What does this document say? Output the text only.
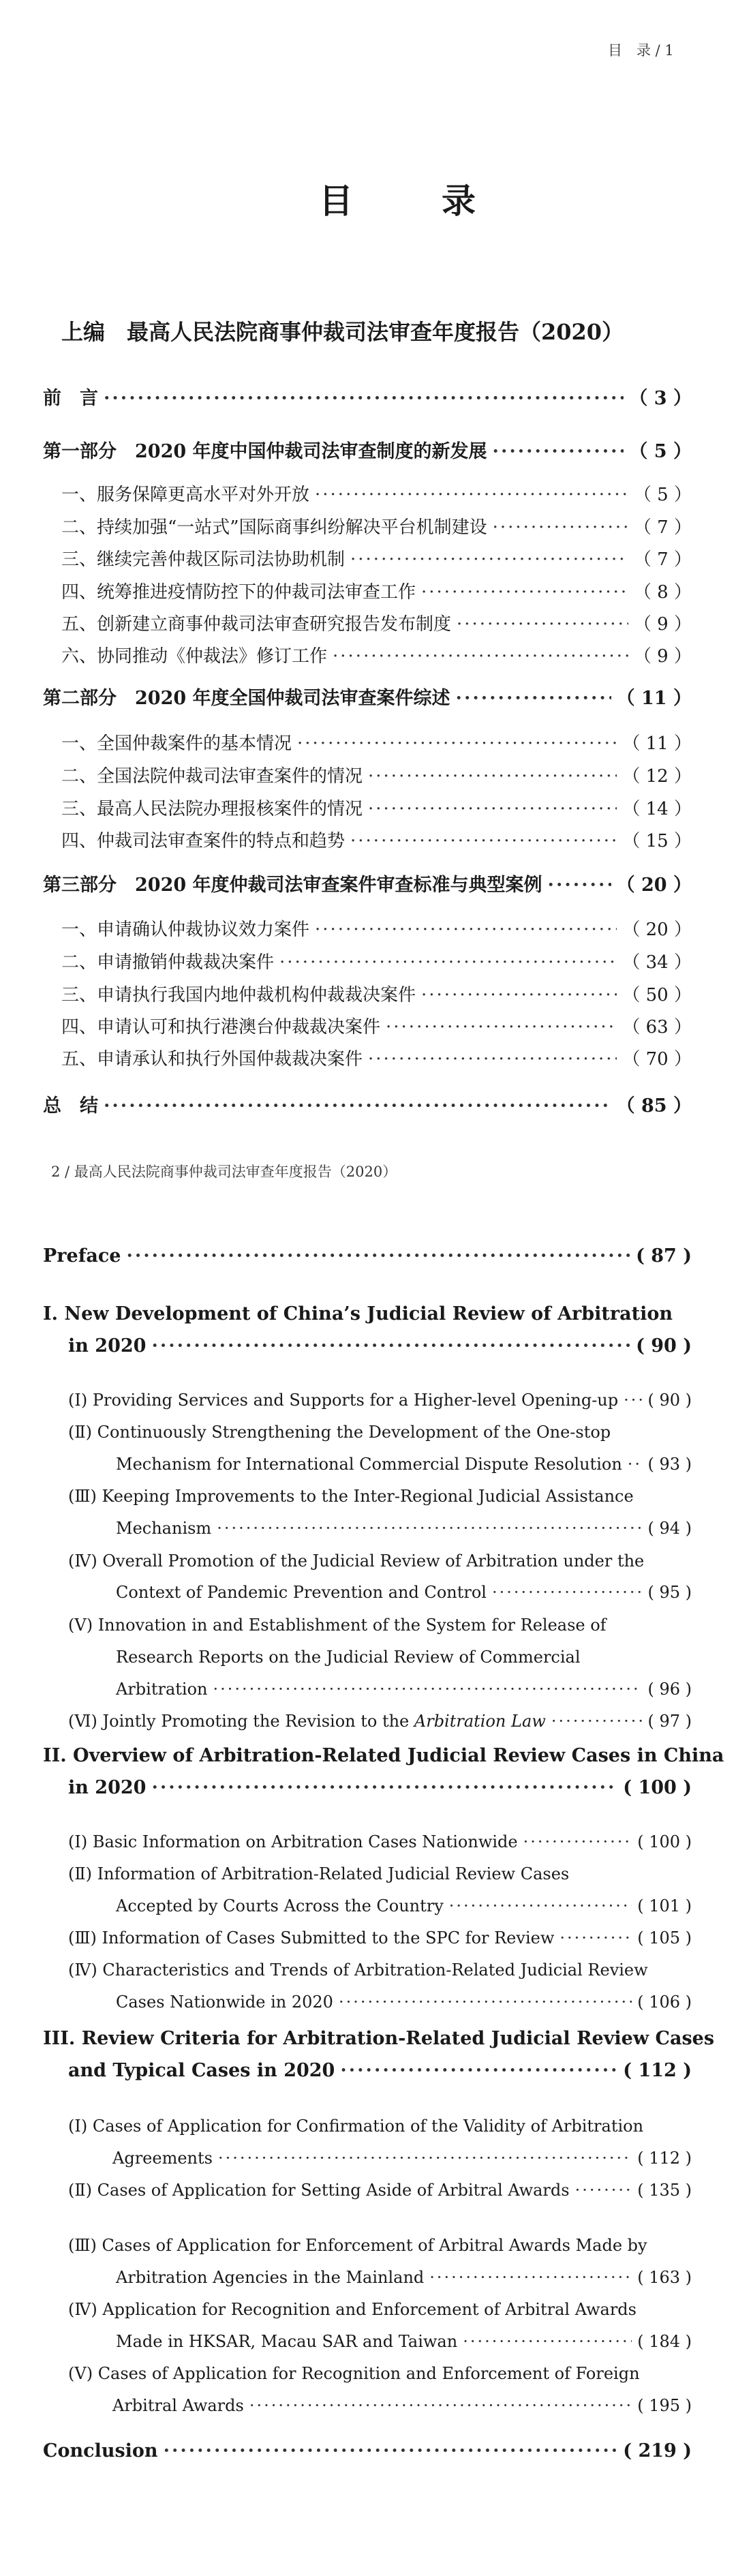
目　录 / 1
目　录
上编　最高人民法院商事仲裁司法审查年度报告（2020）
前　言 ·····	（ 3 ）
第一部分　2020 年度中国仲裁司法审查制度的新发展 ·····	（ 5 ）
一、服务保障更高水平对外开放 ·····	（ 5 ）
二、持续加强“一站式”国际商事纠纷解决平台机制建设 ·····	（ 7 ）
三、继续完善仲裁区际司法协助机制 ·····	（ 7 ）
四、统筹推进疫情防控下的仲裁司法审查工作 ·····	（ 8 ）
五、创新建立商事仲裁司法审查研究报告发布制度 ·····	（ 9 ）
六、协同推动《仲裁法》修订工作 ·····	（ 9 ）
第二部分　2020 年度全国仲裁司法审查案件综述 ·····	（ 11 ）
一、全国仲裁案件的基本情况 ·····	（ 11 ）
二、全国法院仲裁司法审查案件的情况 ·····	（ 12 ）
三、最高人民法院办理报核案件的情况 ·····	（ 14 ）
四、仲裁司法审查案件的特点和趋势 ·····	（ 15 ）
第三部分　2020 年度仲裁司法审查案件审查标准与典型案例 ·····	（ 20 ）
一、申请确认仲裁协议效力案件 ·····	（ 20 ）
二、申请撤销仲裁裁决案件 ·····	（ 34 ）
三、申请执行我国内地仲裁机构仲裁裁决案件 ·····	（ 50 ）
四、申请认可和执行港澳台仲裁裁决案件 ·····	（ 63 ）
五、申请承认和执行外国仲裁裁决案件 ·····	（ 70 ）
总　结 ·····	（ 85 ）
2 / 最高人民法院商事仲裁司法审查年度报告（2020）
Preface ·····	( 87 )
I. New Development of China’s Judicial Review of Arbitration
in 2020 ·····	( 90 )
(Ⅰ) Providing Services and Supports for a Higher-level Opening-up ····· ( 90 )
(Ⅱ) Continuously Strengthening the Development of the One-stop
Mechanism for International Commercial Dispute Resolution ····· ( 93 )
(Ⅲ) Keeping Improvements to the Inter-Regional Judicial Assistance
Mechanism ·····	( 94 )
(Ⅳ) Overall Promotion of the Judicial Review of Arbitration under the
Context of Pandemic Prevention and Control ·····	( 95 )
(Ⅴ) Innovation in and Establishment of the System for Release of
Research Reports on the Judicial Review of Commercial
Arbitration ·····	( 96 )
(Ⅵ) Jointly Promoting the Revision to the Arbitration Law ·····	( 97 )
II. Overview of Arbitration-Related Judicial Review Cases in China
in 2020 ·····	( 100 )
(Ⅰ) Basic Information on Arbitration Cases Nationwide ·····	( 100 )
(Ⅱ) Information of Arbitration-Related Judicial Review Cases
Accepted by Courts Across the Country ·····	( 101 )
(Ⅲ) Information of Cases Submitted to the SPC for Review ·····	( 105 )
(Ⅳ) Characteristics and Trends of Arbitration-Related Judicial Review
Cases Nationwide in 2020 ·····	( 106 )
III. Review Criteria for Arbitration-Related Judicial Review Cases
and Typical Cases in 2020 ·····	( 112 )
(Ⅰ) Cases of Application for Confirmation of the Validity of Arbitration
Agreements ·····	( 112 )
(Ⅱ) Cases of Application for Setting Aside of Arbitral Awards ·····	( 135 )
(Ⅲ) Cases of Application for Enforcement of Arbitral Awards Made by
Arbitration Agencies in the Mainland ·····	( 163 )
(Ⅳ) Application for Recognition and Enforcement of Arbitral Awards
Made in HKSAR, Macau SAR and Taiwan ·····	( 184 )
(Ⅴ) Cases of Application for Recognition and Enforcement of Foreign
Arbitral Awards ·····	( 195 )
Conclusion ·····	( 219 )
